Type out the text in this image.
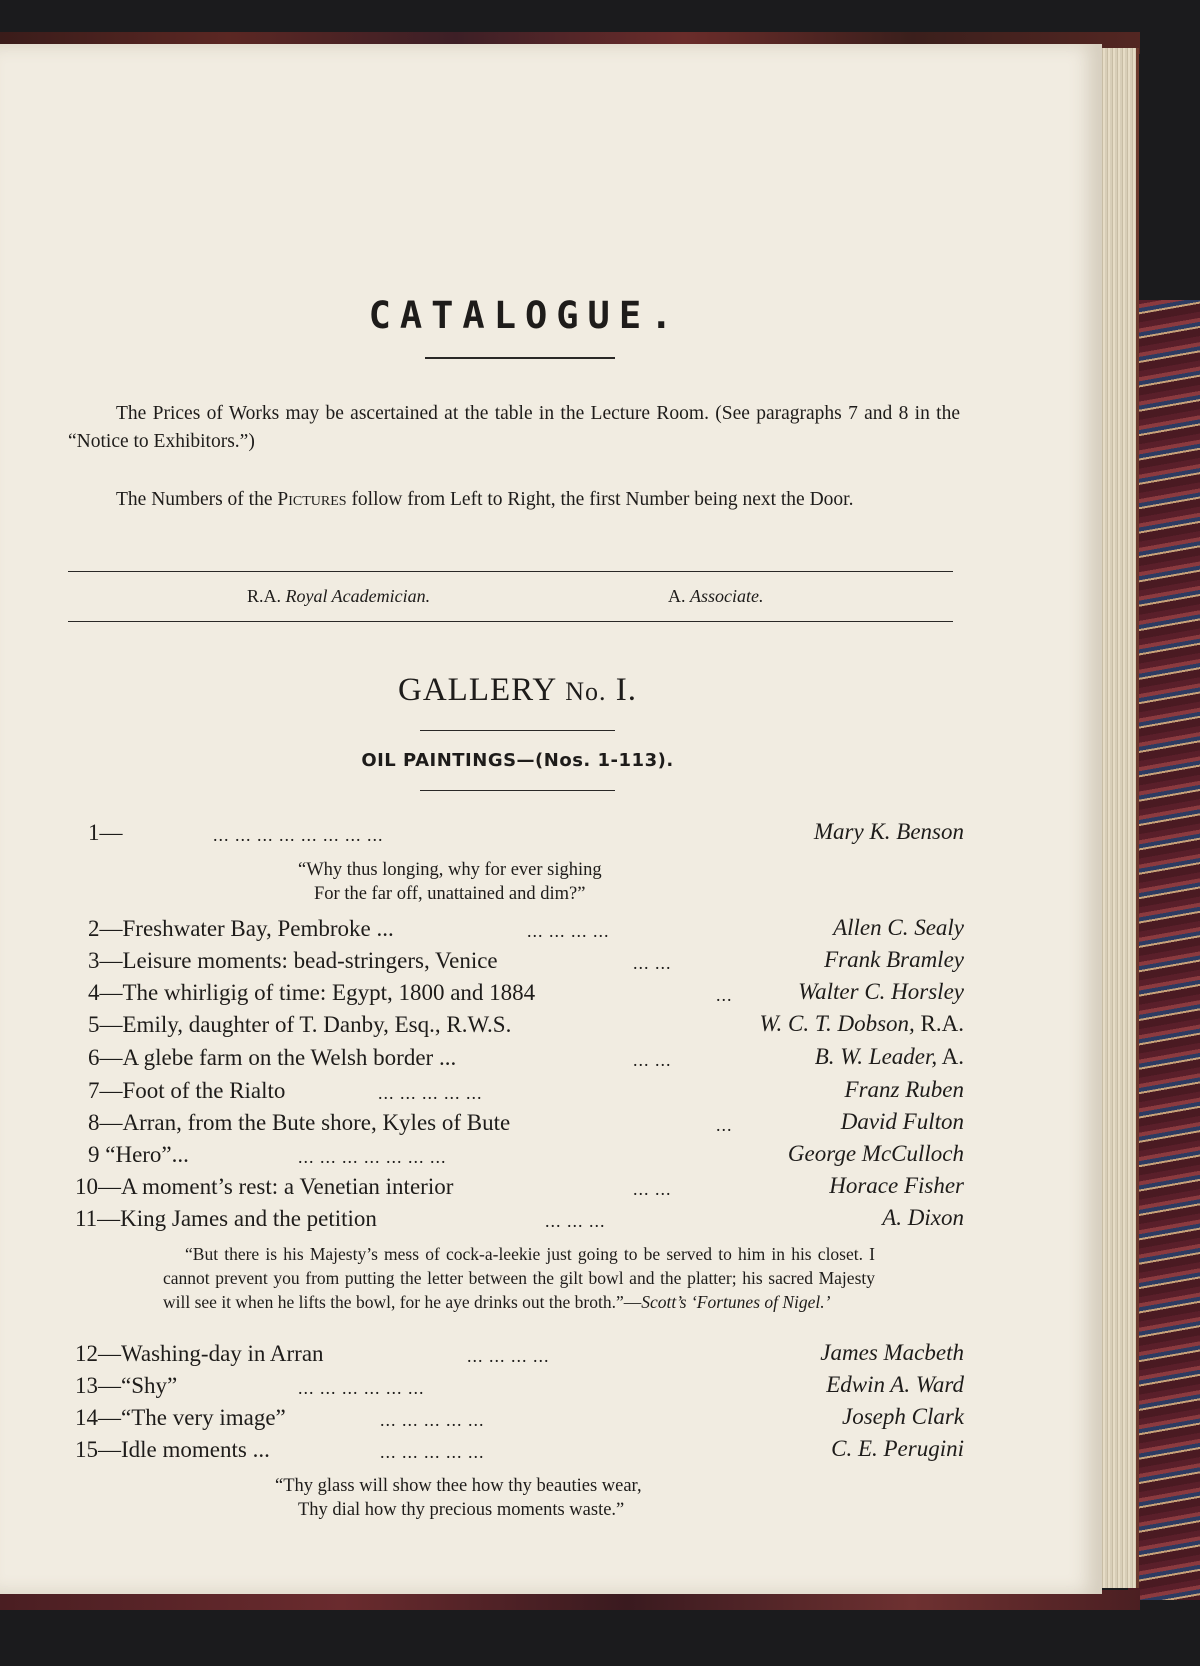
CATALOGUE.
The Prices of Works may be ascertained at the table in the Lecture Room. (See paragraphs 7 and 8 in the “Notice to Exhibitors.”)
The Numbers of the Pictures follow from Left to Right, the first Number being next the Door.
R.A. Royal Academician.	A. Associate.
GALLERY No. I.
OIL PAINTINGS—(Nos. 1-113).
1—	... ... ... ... ... ... ... ...	Mary K. Benson
“Why thus longing, why for ever sighing
For the far off, unattained and dim?”
2—Freshwater Bay, Pembroke ...	... ... ... ...	Allen C. Sealy
3—Leisure moments: bead-stringers, Venice	... ...	Frank Bramley
4—The whirligig of time: Egypt, 1800 and 1884	...	Walter C. Horsley
5—Emily, daughter of T. Danby, Esq., R.W.S.	W. C. T. Dobson, R.A.
6—A glebe farm on the Welsh border ...	... ...	B. W. Leader, A.
7—Foot of the Rialto	... ... ... ... ...	Franz Ruben
8—Arran, from the Bute shore, Kyles of Bute	...	David Fulton
9 “Hero”...	... ... ... ... ... ... ...	George McCulloch
10—A moment’s rest: a Venetian interior	... ...	Horace Fisher
11—King James and the petition	... ... ...	A. Dixon
“But there is his Majesty’s mess of cock-a-leekie just going to be served to him in his closet. I cannot prevent you from putting the letter between the gilt bowl and the platter; his sacred Majesty will see it when he lifts the bowl, for he aye drinks out the broth.”—Scott’s ‘Fortunes of Nigel.’
12—Washing-day in Arran	... ... ... ...	James Macbeth
13—“Shy”	... ... ... ... ... ...	Edwin A. Ward
14—“The very image”	... ... ... ... ...	Joseph Clark
15—Idle moments ...	... ... ... ... ...	C. E. Perugini
“Thy glass will show thee how thy beauties wear,
Thy dial how thy precious moments waste.”
